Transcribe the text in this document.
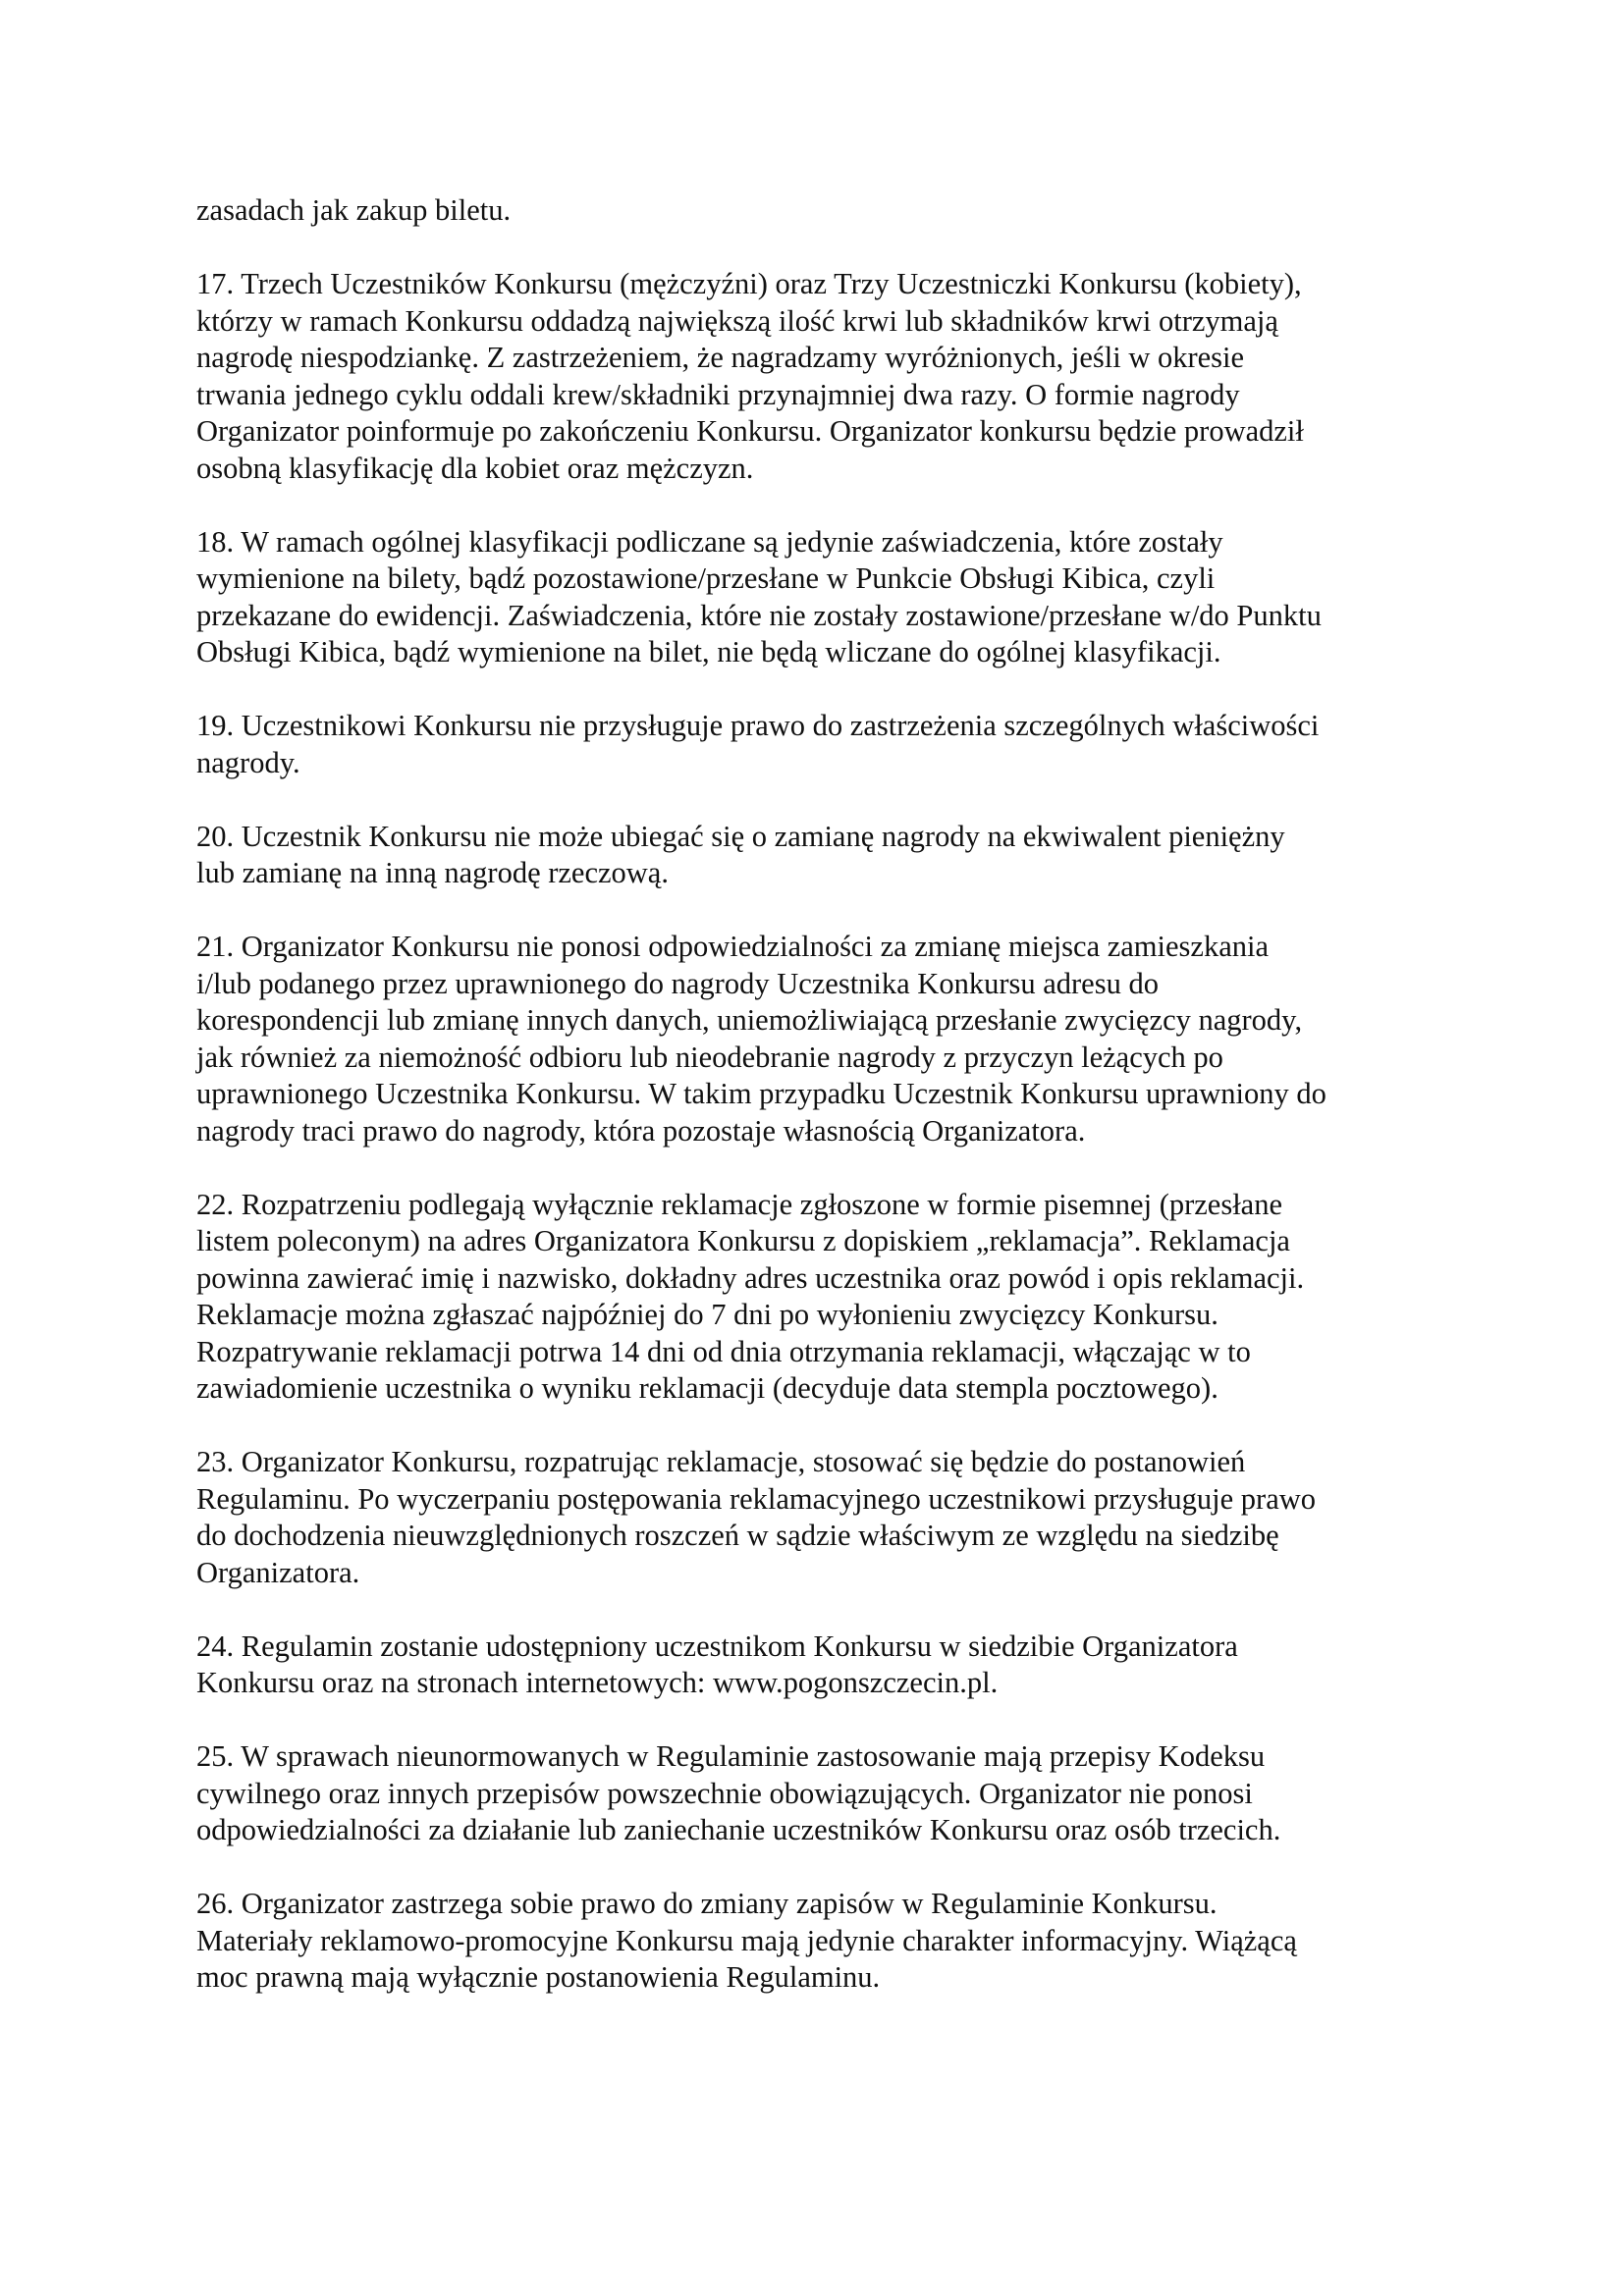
zasadach jak zakup biletu.

17. Trzech Uczestników Konkursu (mężczyźni) oraz Trzy Uczestniczki Konkursu (kobiety),
którzy w ramach Konkursu oddadzą największą ilość krwi lub składników krwi otrzymają
nagrodę niespodziankę. Z zastrzeżeniem, że nagradzamy wyróżnionych, jeśli w okresie
trwania jednego cyklu oddali krew/składniki przynajmniej dwa razy. O formie nagrody
Organizator poinformuje po zakończeniu Konkursu. Organizator konkursu będzie prowadził
osobną klasyfikację dla kobiet oraz mężczyzn.

18. W ramach ogólnej klasyfikacji podliczane są jedynie zaświadczenia, które zostały
wymienione na bilety, bądź pozostawione/przesłane w Punkcie Obsługi Kibica, czyli
przekazane do ewidencji. Zaświadczenia, które nie zostały zostawione/przesłane w/do Punktu
Obsługi Kibica, bądź wymienione na bilet, nie będą wliczane do ogólnej klasyfikacji.

19. Uczestnikowi Konkursu nie przysługuje prawo do zastrzeżenia szczególnych właściwości
nagrody.

20. Uczestnik Konkursu nie może ubiegać się o zamianę nagrody na ekwiwalent pieniężny
lub zamianę na inną nagrodę rzeczową.

21. Organizator Konkursu nie ponosi odpowiedzialności za zmianę miejsca zamieszkania
i/lub podanego przez uprawnionego do nagrody Uczestnika Konkursu adresu do
korespondencji lub zmianę innych danych, uniemożliwiającą przesłanie zwycięzcy nagrody,
jak również za niemożność odbioru lub nieodebranie nagrody z przyczyn leżących po
uprawnionego Uczestnika Konkursu. W takim przypadku Uczestnik Konkursu uprawniony do
nagrody traci prawo do nagrody, która pozostaje własnością Organizatora.

22. Rozpatrzeniu podlegają wyłącznie reklamacje zgłoszone w formie pisemnej (przesłane
listem poleconym) na adres Organizatora Konkursu z dopiskiem „reklamacja”. Reklamacja
powinna zawierać imię i nazwisko, dokładny adres uczestnika oraz powód i opis reklamacji.
Reklamacje można zgłaszać najpóźniej do 7 dni po wyłonieniu zwycięzcy Konkursu.
Rozpatrywanie reklamacji potrwa 14 dni od dnia otrzymania reklamacji, włączając w to
zawiadomienie uczestnika o wyniku reklamacji (decyduje data stempla pocztowego).

23. Organizator Konkursu, rozpatrując reklamacje, stosować się będzie do postanowień
Regulaminu. Po wyczerpaniu postępowania reklamacyjnego uczestnikowi przysługuje prawo
do dochodzenia nieuwzględnionych roszczeń w sądzie właściwym ze względu na siedzibę
Organizatora.

24. Regulamin zostanie udostępniony uczestnikom Konkursu w siedzibie Organizatora
Konkursu oraz na stronach internetowych: www.pogonszczecin.pl.

25. W sprawach nieunormowanych w Regulaminie zastosowanie mają przepisy Kodeksu
cywilnego oraz innych przepisów powszechnie obowiązujących. Organizator nie ponosi
odpowiedzialności za działanie lub zaniechanie uczestników Konkursu oraz osób trzecich.

26. Organizator zastrzega sobie prawo do zmiany zapisów w Regulaminie Konkursu.
Materiały reklamowo-promocyjne Konkursu mają jedynie charakter informacyjny. Wiążącą
moc prawną mają wyłącznie postanowienia Regulaminu.
